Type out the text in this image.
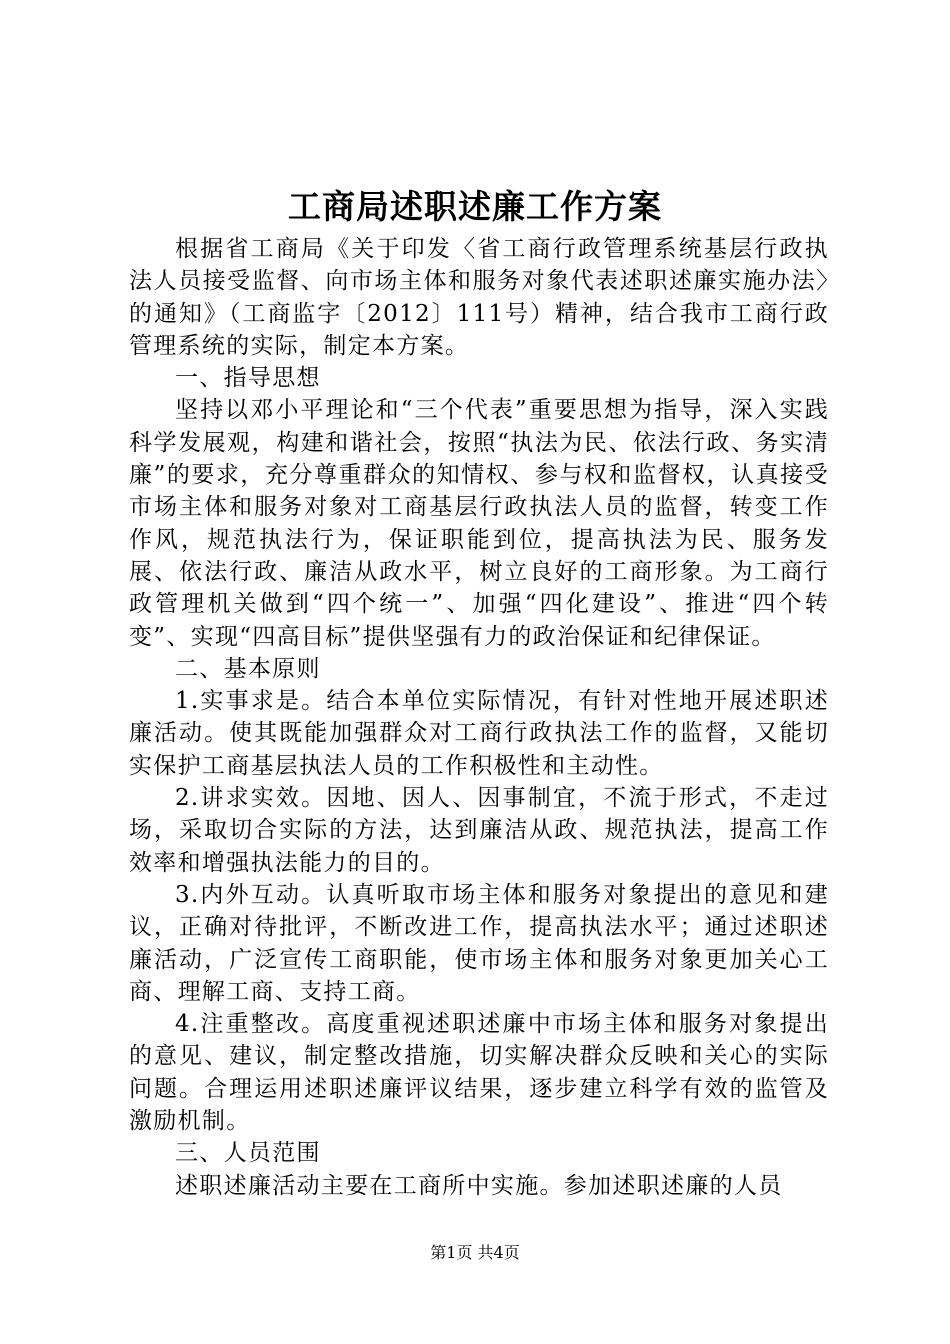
工商局述职述廉工作方案

根据省工商局《关于印发〈省工商行政管理系统基层行政执法人员接受监督、向市场主体和服务对象代表述职述廉实施办法〉的通知》（工商监字〔2012〕111号）精神，结合我市工商行政管理系统的实际，制定本方案。

一、指导思想

坚持以邓小平理论和“三个代表”重要思想为指导，深入实践科学发展观，构建和谐社会，按照“执法为民、依法行政、务实清廉”的要求，充分尊重群众的知情权、参与权和监督权，认真接受市场主体和服务对象对工商基层行政执法人员的监督，转变工作作风，规范执法行为，保证职能到位，提高执法为民、服务发展、依法行政、廉洁从政水平，树立良好的工商形象。为工商行政管理机关做到“四个统一”、加强“四化建设”、推进“四个转变”、实现“四高目标”提供坚强有力的政治保证和纪律保证。

二、基本原则

1.实事求是。结合本单位实际情况，有针对性地开展述职述廉活动。使其既能加强群众对工商行政执法工作的监督，又能切实保护工商基层执法人员的工作积极性和主动性。

2.讲求实效。因地、因人、因事制宜，不流于形式，不走过场，采取切合实际的方法，达到廉洁从政、规范执法，提高工作效率和增强执法能力的目的。

3.内外互动。认真听取市场主体和服务对象提出的意见和建议，正确对待批评，不断改进工作，提高执法水平；通过述职述廉活动，广泛宣传工商职能，使市场主体和服务对象更加关心工商、理解工商、支持工商。

4.注重整改。高度重视述职述廉中市场主体和服务对象提出的意见、建议，制定整改措施，切实解决群众反映和关心的实际问题。合理运用述职述廉评议结果，逐步建立科学有效的监管及激励机制。

三、人员范围

述职述廉活动主要在工商所中实施。参加述职述廉的人员

第1页 共4页
